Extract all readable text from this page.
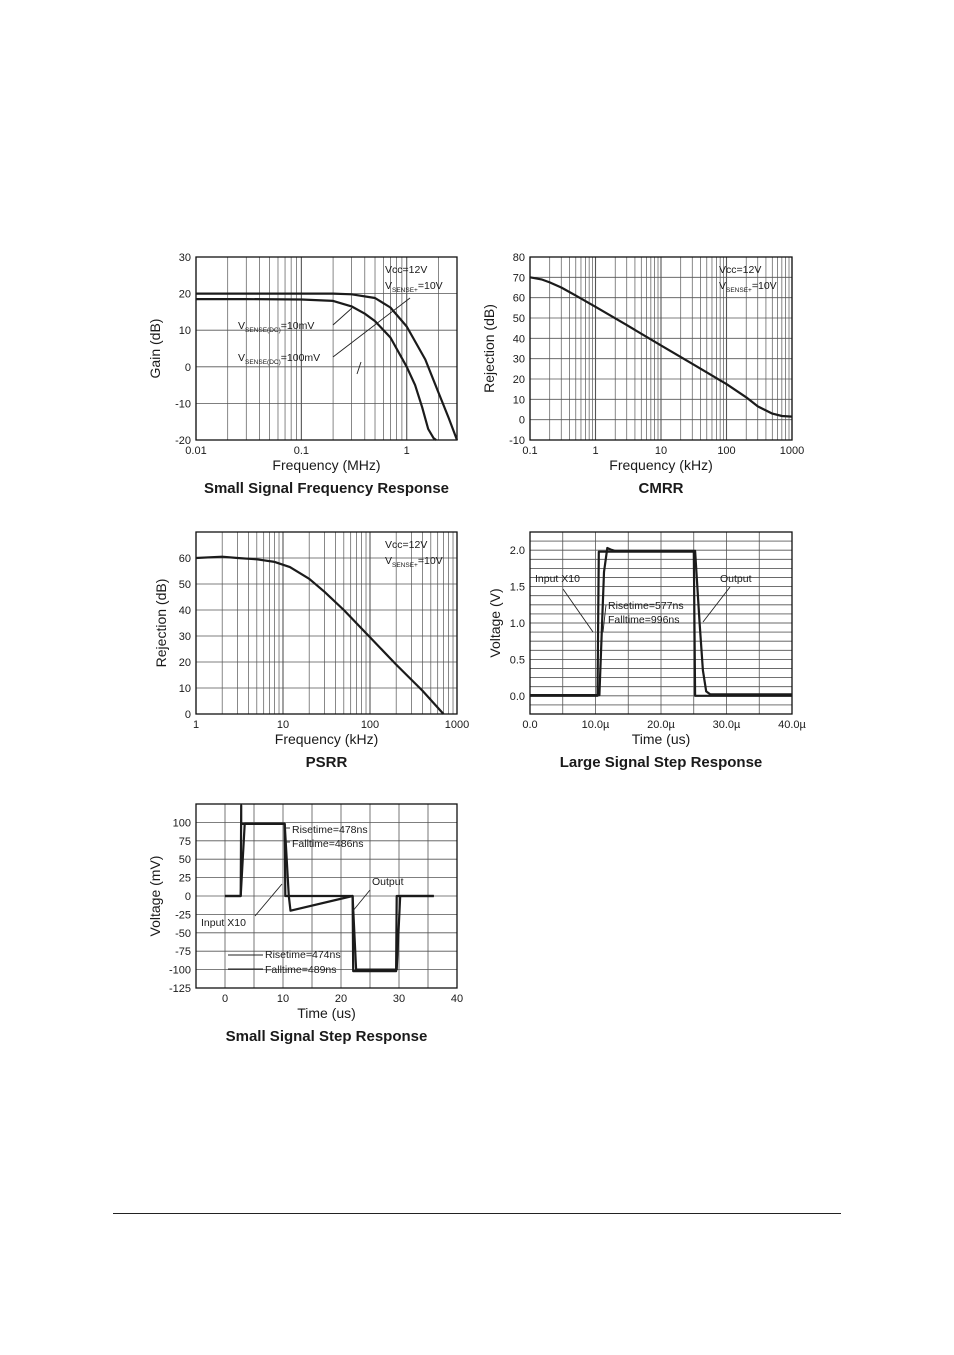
0.01	0.1	1
30
20
10
0
-10
-20
Frequency (MHz)
Gain (dB)
Small Signal Frequency Response
Vcc=12V
$V_{SENSE+}=10V$
$V_{SENSE(DC)}=10mV$
$V_{SENSE(DC)}=100mV$
0.1	1	10	100	1000
80
70
60
50
40
30
20
10
0
-10
Frequency (kHz)
Rejection (dB)
CMRR
Vcc=12V
$V_{SENSE+}=10V$
1	10	100	1000
60
50
40
30
20
10
0
Frequency (kHz)
Rejection (dB)
PSRR
Vcc=12V
$V_{SENSE+}=10V$
0.0	10.0µ	20.0µ	30.0µ	40.0µ
2.0
1.5
1.0
0.5
0.0
Time (us)
Voltage (V)
Large Signal Step Response
Input X10	Output
Risetime=577ns
Falltime=996ns
0	10	20	30	40
100
75
50
25
0
-25
-50
-75
-100
-125
Time (us)
Voltage (mV)
Small Signal Step Response
Risetime=478ns
Falltime=486ns
Output
Input X10
Risetime=474ns
Falltime=489ns
